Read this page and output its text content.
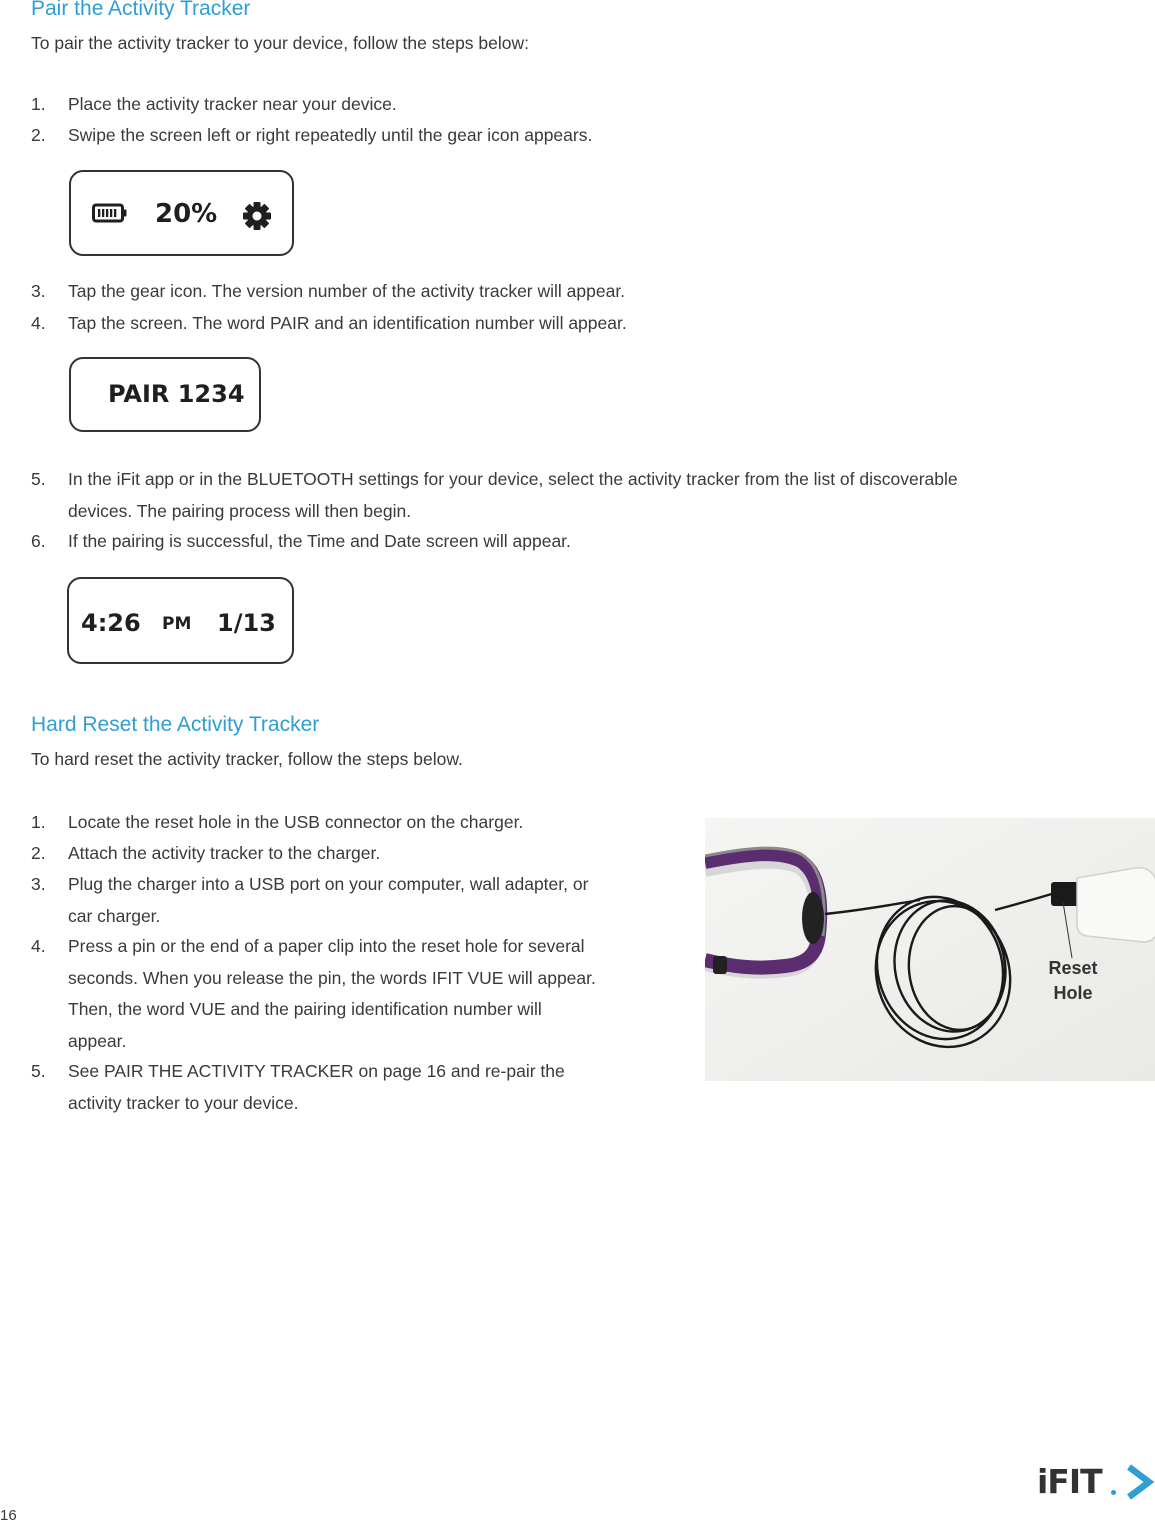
Pair the Activity Tracker
To pair the activity tracker to your device, follow the steps below:
1. Place the activity tracker near your device.
2. Swipe the screen left or right repeatedly until the gear icon appears.
20%
3. Tap the gear icon. The version number of the activity tracker will appear.
4. Tap the screen. The word PAIR and an identification number will appear.
PAIR 1234
5. In the iFit app or in the BLUETOOTH settings for your device, select the activity tracker from the list of discoverable
devices. The pairing process will then begin.
6. If the pairing is successful, the Time and Date screen will appear.
4:26 PM 1/13
Hard Reset the Activity Tracker
To hard reset the activity tracker, follow the steps below.
1. Locate the reset hole in the USB connector on the charger.
2. Attach the activity tracker to the charger.
3. Plug the charger into a USB port on your computer, wall adapter, or
car charger.
4. Press a pin or the end of a paper clip into the reset hole for several
seconds. When you release the pin, the words IFIT VUE will appear.
Then, the word VUE and the pairing identification number will
appear.
5. See PAIR THE ACTIVITY TRACKER on page 16 and re-pair the
activity tracker to your device.
Reset
Hole
16
iFIT
